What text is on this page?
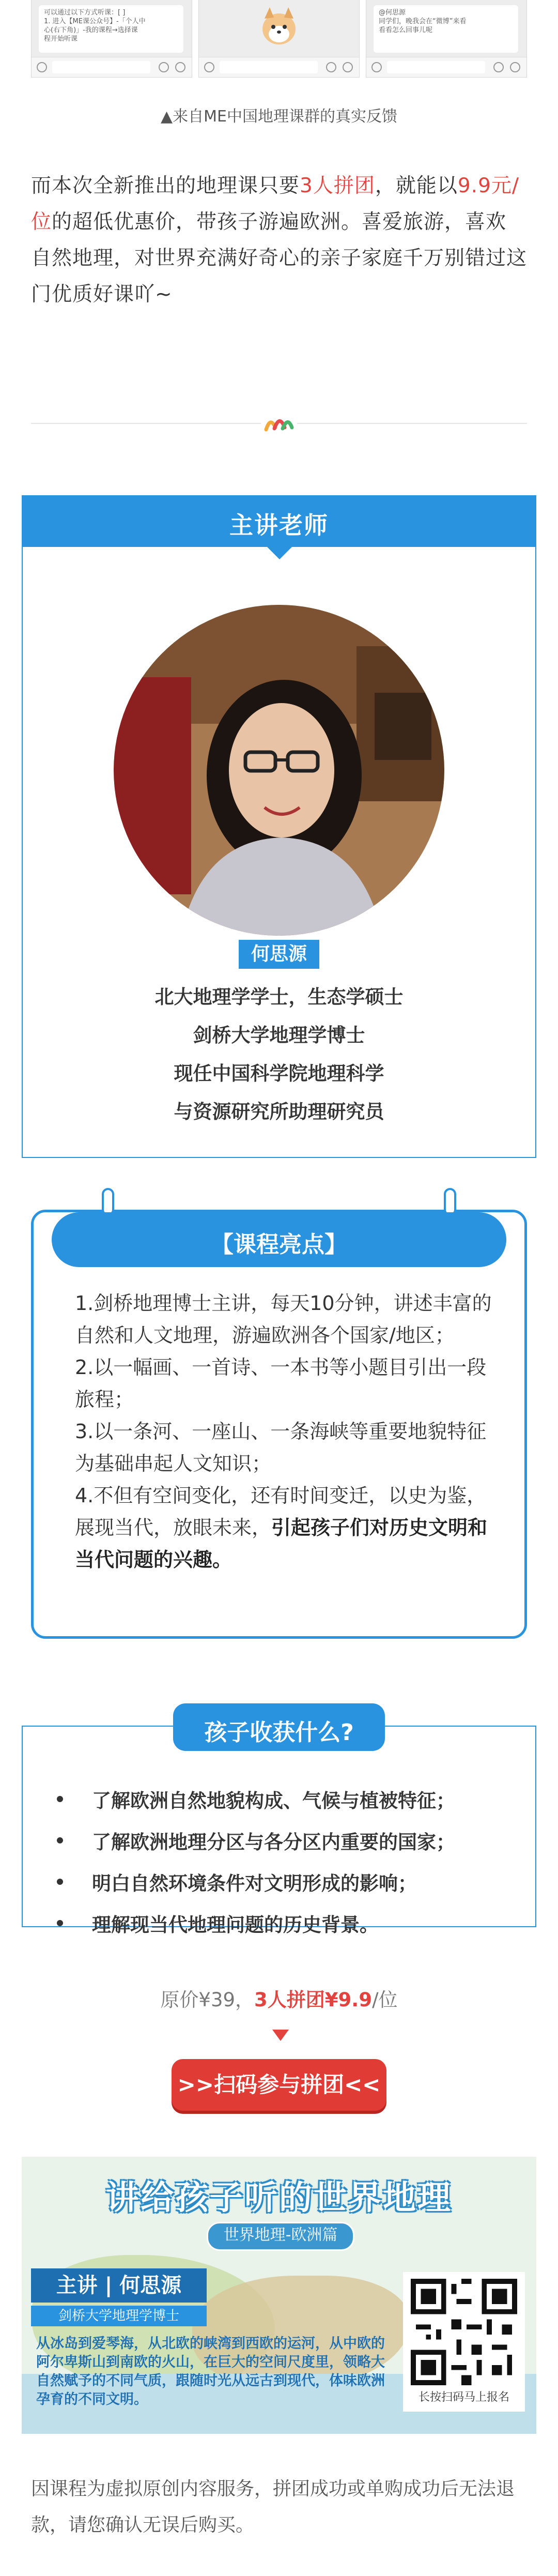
可以通过以下方式听课：[ ]
1. 进入【ME课公众号】-「个人中
心(右下角)」-我的课程→选择课
程开始听课
@何思源
同学们，晚我会在“微博”来看
看看怎么回事儿呢
▲来自ME中国地理课群的真实反馈
而本次全新推出的地理课只要3人拼团，就能以9.9元/位的超低优惠价，带孩子游遍欧洲。喜爱旅游，喜欢自然地理，对世界充满好奇心的亲子家庭千万别错过这门优质好课吖~
主讲老师
何思源
北大地理学学士，生态学硕士
剑桥大学地理学博士
现任中国科学院地理科学
与资源研究所助理研究员
【课程亮点】

1.剑桥地理博士主讲，每天10分钟，讲述丰富的自然和人文地理，游遍欧洲各个国家/地区；

2.以一幅画、一首诗、一本书等小题目引出一段旅程；

3.以一条河、一座山、一条海峡等重要地貌特征为基础串起人文知识；

4.不但有空间变化，还有时间变迁，以史为鉴，展现当代，放眼未来，引起孩子们对历史文明和当代问题的兴趣。

孩子收获什么?
了解欧洲自然地貌构成、气候与植被特征；
了解欧洲地理分区与各分区内重要的国家；
明白自然环境条件对文明形成的影响；
理解现当代地理问题的历史背景。
原价¥39，3人拼团¥9.9/位
>>扫码参与拼团<<
讲给孩子听的世界地理
世界地理-欧洲篇
主讲 | 何思源
剑桥大学地理学博士
从冰岛到爱琴海，从北欧的峡湾到西欧的运河，从中欧的阿尔卑斯山到南欧的火山，在巨大的空间尺度里，领略大自然赋予的不同气质，跟随时光从远古到现代，体味欧洲孕育的不同文明。	长按扫码马上报名
因课程为虚拟原创内容服务，拼团成功或单购成功后无法退款，请您确认无误后购买。
